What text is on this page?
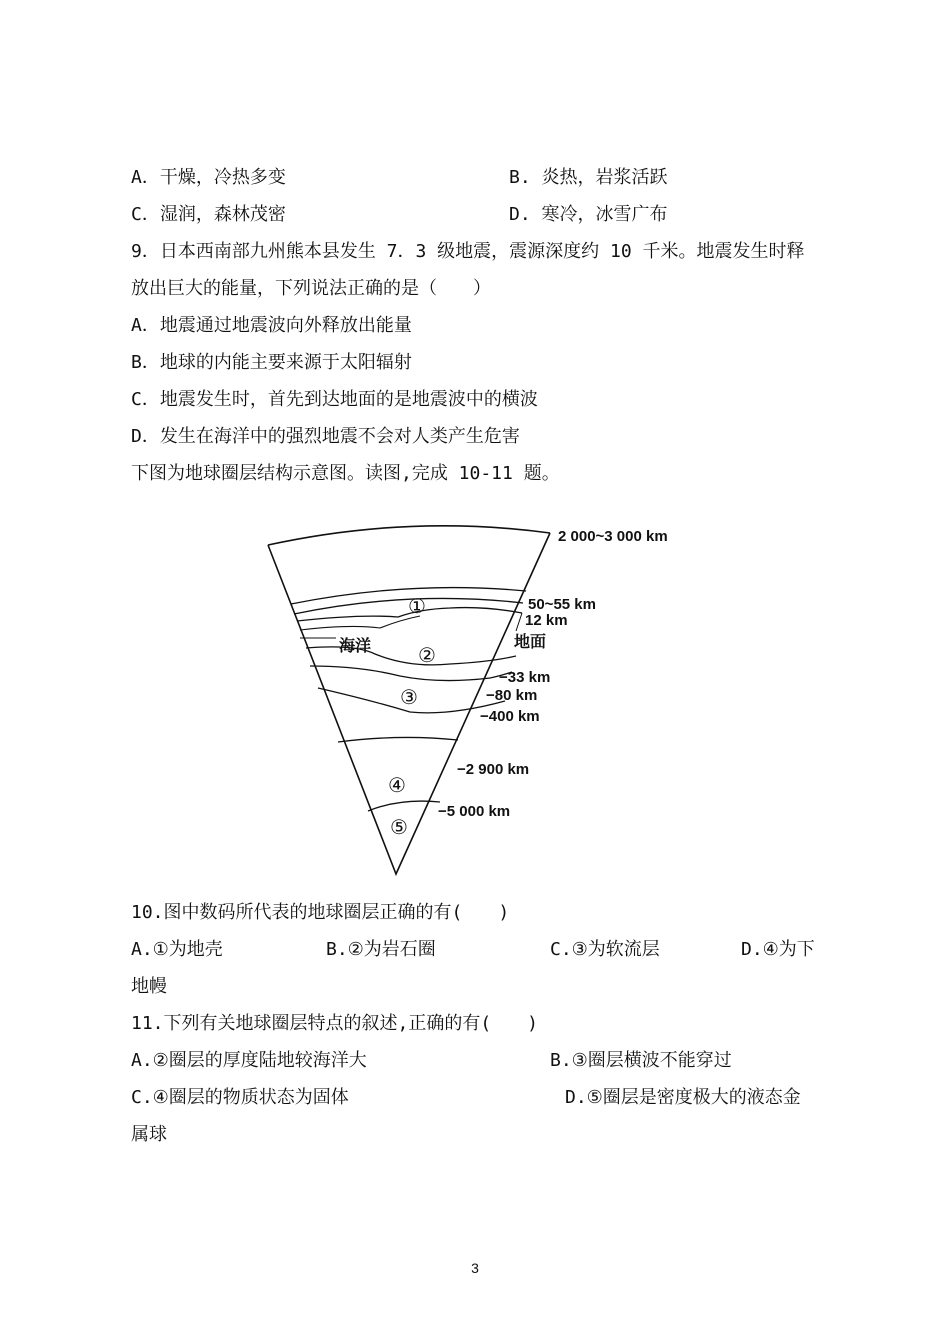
A．干燥，冷热多变	B. 炎热，岩浆活跃
C．湿润，森林茂密	D. 寒冷，冰雪广布
9．日本西南部九州熊本县发生 7．3 级地震，震源深度约 10 千米。地震发生时释
放出巨大的能量，下列说法正确的是（　　）
A．地震通过地震波向外释放出能量
B．地球的内能主要来源于太阳辐射
C．地震发生时，首先到达地面的是地震波中的横波
D．发生在海洋中的强烈地震不会对人类产生危害
下图为地球圈层结构示意图。读图,完成 10-11 题。
①
②
③
④
⑤
2 000~3 000 km
50~55 km
12 km
地面
海洋
−33 km
−80 km
−400 km
−2 900 km
−5 000 km
10.图中数码所代表的地球圈层正确的有(　　)
A.①为地壳	B.②为岩石圈	C.③为软流层	D.④为下
地幔
11.下列有关地球圈层特点的叙述,正确的有(　　)
A.②圈层的厚度陆地较海洋大	B.③圈层横波不能穿过
C.④圈层的物质状态为固体	D.⑤圈层是密度极大的液态金
属球
3
